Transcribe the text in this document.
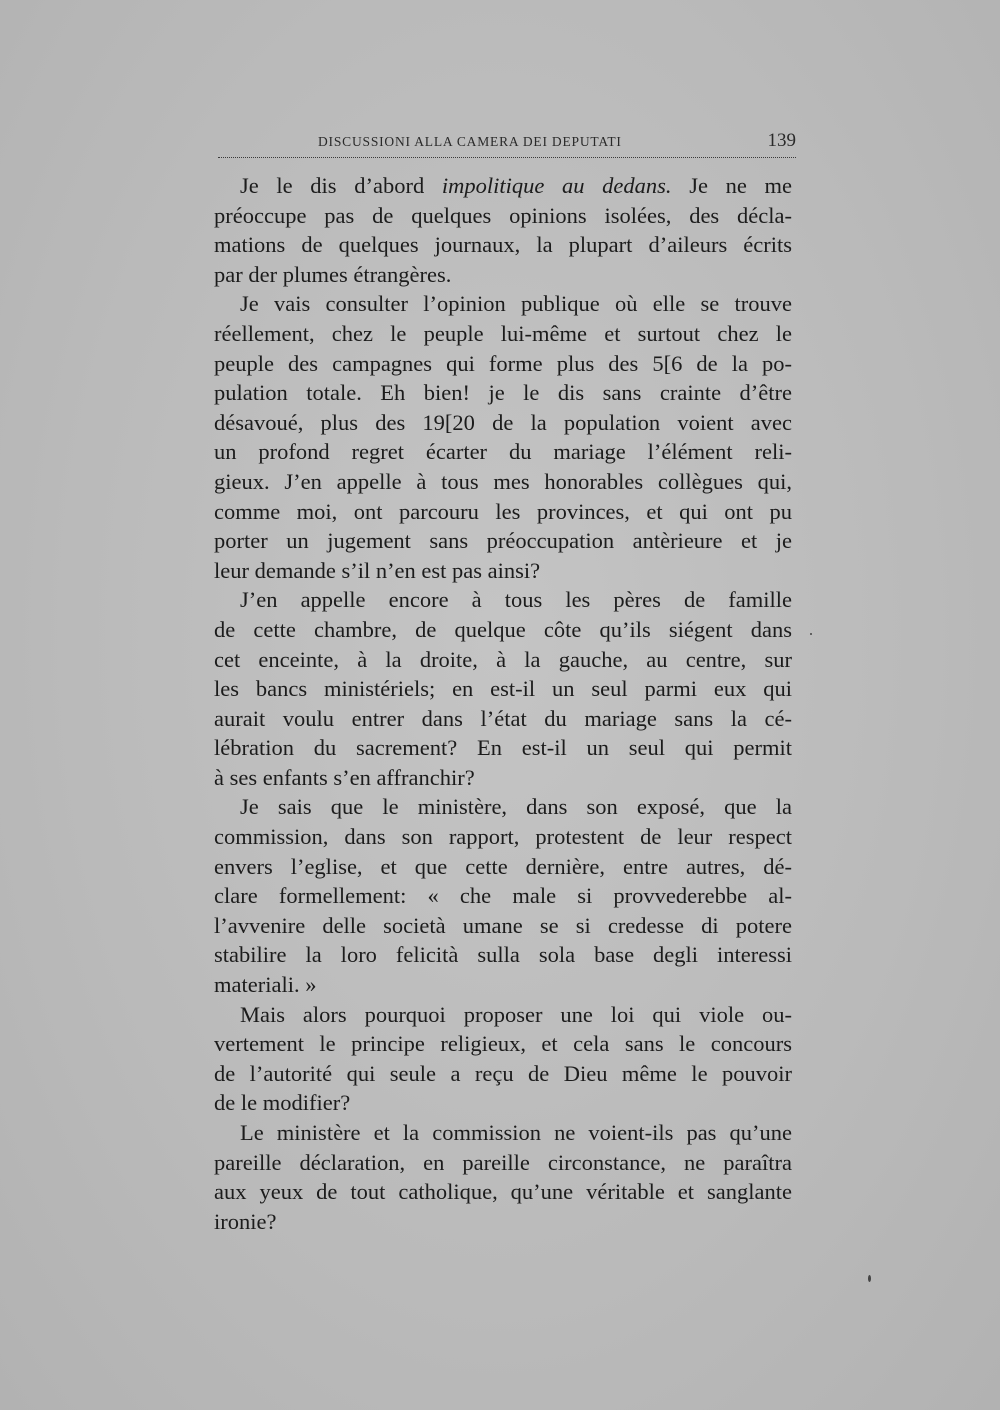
DISCUSSIONI ALLA CAMERA DEI DEPUTATI	139

Je le dis d’abord impolitique au dedans. Je ne me
préoccupe pas de quelques opinions isolées, des décla-
mations de quelques journaux, la plupart d’aileurs écrits
par der plumes étrangères.

Je vais consulter l’opinion publique où elle se trouve
réellement, chez le peuple lui-même et surtout chez le
peuple des campagnes qui forme plus des 5[6 de la po-
pulation totale. Eh bien! je le dis sans crainte d’être
désavoué, plus des 19[20 de la population voient avec
un profond regret écarter du mariage l’élément reli-
gieux. J’en appelle à tous mes honorables collègues qui,
comme moi, ont parcouru les provinces, et qui ont pu
porter un jugement sans préoccupation antèrieure et je
leur demande s’il n’en est pas ainsi?

J’en appelle encore à tous les pères de famille
de cette chambre, de quelque côte qu’ils siégent dans
cet enceinte, à la droite, à la gauche, au centre, sur
les bancs ministériels; en est-il un seul parmi eux qui
aurait voulu entrer dans l’état du mariage sans la cé-
lébration du sacrement? En est-il un seul qui permit
à ses enfants s’en affranchir?

Je sais que le ministère, dans son exposé, que la
commission, dans son rapport, protestent de leur respect
envers l’eglise, et que cette dernière, entre autres, dé-
clare formellement: « che male si provvederebbe al-
l’avvenire delle società umane se si credesse di potere
stabilire la loro felicità sulla sola base degli interessi
materiali. »

Mais alors pourquoi proposer une loi qui viole ou-
vertement le principe religieux, et cela sans le concours
de l’autorité qui seule a reçu de Dieu même le pouvoir
de le modifier?

Le ministère et la commission ne voient-ils pas qu’une
pareille déclaration, en pareille circonstance, ne paraîtra
aux yeux de tout catholique, qu’une véritable et sanglante
ironie?
